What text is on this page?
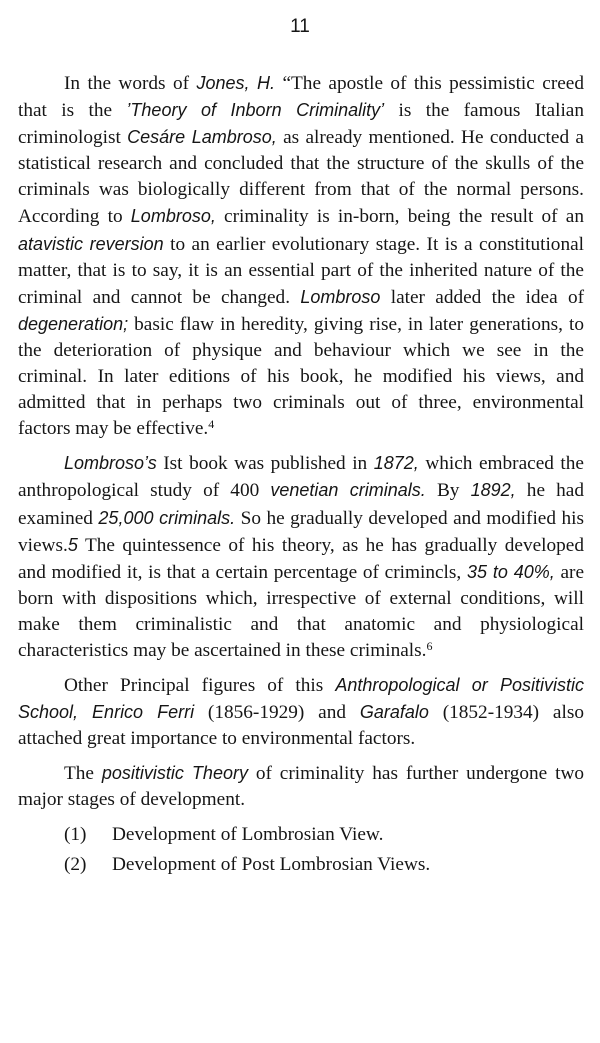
11

In the words of Jones, H. “The apostle of this pessimistic creed that is the ’Theory of Inborn Criminality’ is the famous Italian criminologist Cesáre Lambroso, as already mentioned. He conducted a statistical research and concluded that the structure of the skulls of the criminals was biologically different from that of the normal persons. According to Lombroso, criminality is in-born, being the result of an atavistic reversion to an earlier evolutionary stage. It is a constitutional matter, that is to say, it is an essential part of the inherited nature of the criminal and cannot be changed. Lombroso later added the idea of degeneration; basic flaw in heredity, giving rise, in later generations, to the deterioration of physique and behaviour which we see in the criminal. In later editions of his book, he modified his views, and admitted that in perhaps two criminals out of three, environmental factors may be effective.$^4$

Lombroso’s Ist book was published in 1872, which embraced the anthropological study of 400 venetian criminals. By 1892, he had examined 25,000 criminals. So he gradually developed and modified his views.5 The quintessence of his theory, as he has gradually developed and modified it, is that a certain percentage of crimincls, 35 to 40%, are born with dispositions which, irrespective of external conditions, will make them criminalistic and that anatomic and physiological characteristics may be ascertained in these criminals.$^6$

Other Principal figures of this Anthropological or Positivistic School, Enrico Ferri (1856-1929) and Garafalo (1852-1934) also attached great importance to environmental factors.

The positivistic Theory of criminality has further undergone two major stages of development.

(1) Development of Lombrosian View.
(2) Development of Post Lombrosian Views.
